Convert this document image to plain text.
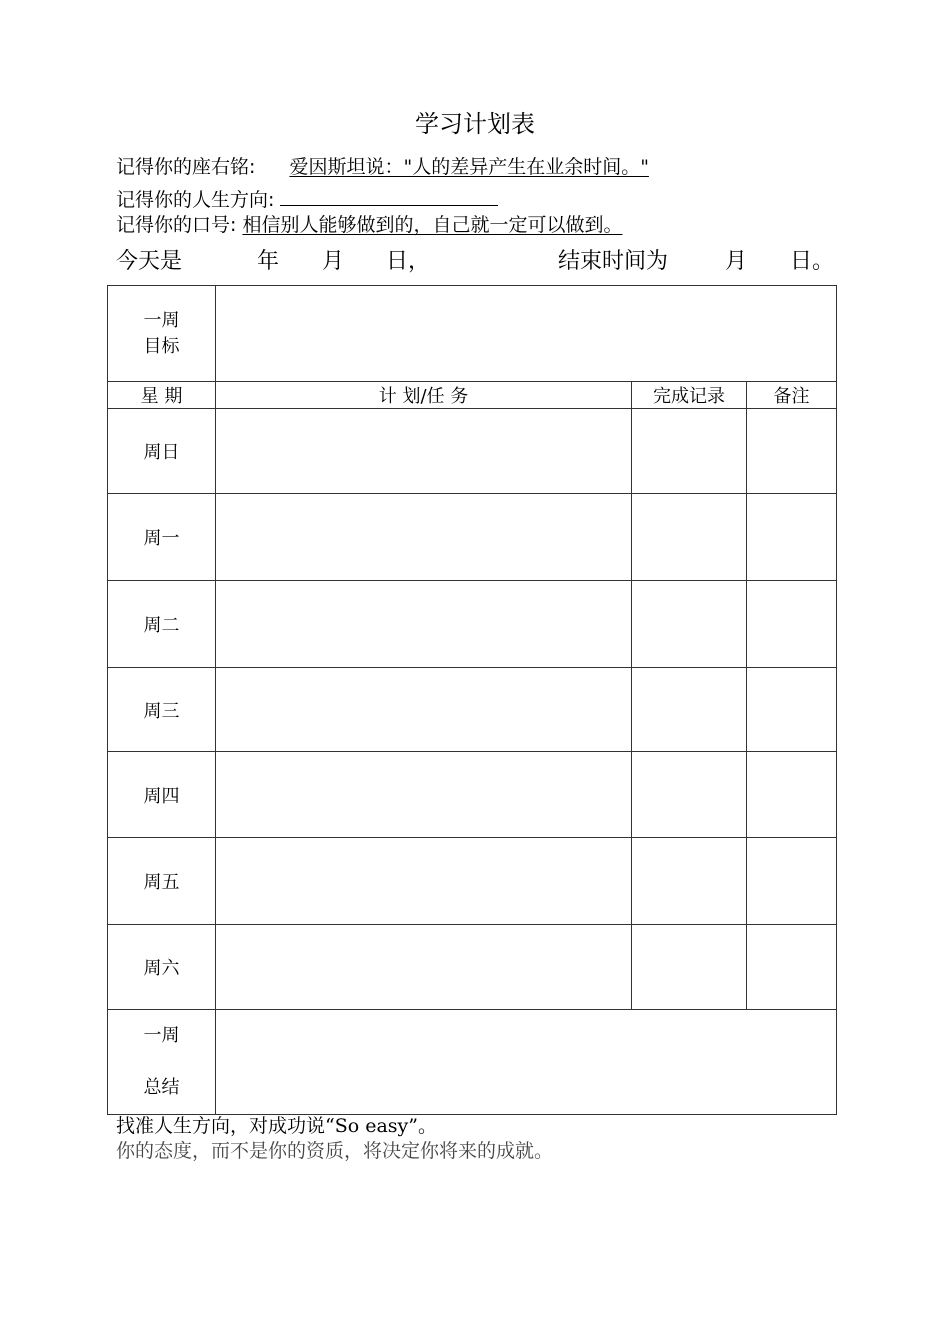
学习计划表
记得你的座右铭: 爱因斯坦说："人的差异产生在业余时间。"
记得你的人生方向:
记得你的口号: 相信别人能够做到的，自己就一定可以做到。
今天是	年 月 日，	结束时间为	月 日。
一周
目标			

星 期	计 划/任 务	完成记录	备注
周日			
周一			
周二			
周三			
周四			
周五			
周六			

一周
总结			

找准人生方向，对成功说“So easy”。
你的态度，而不是你的资质，将决定你将来的成就。
